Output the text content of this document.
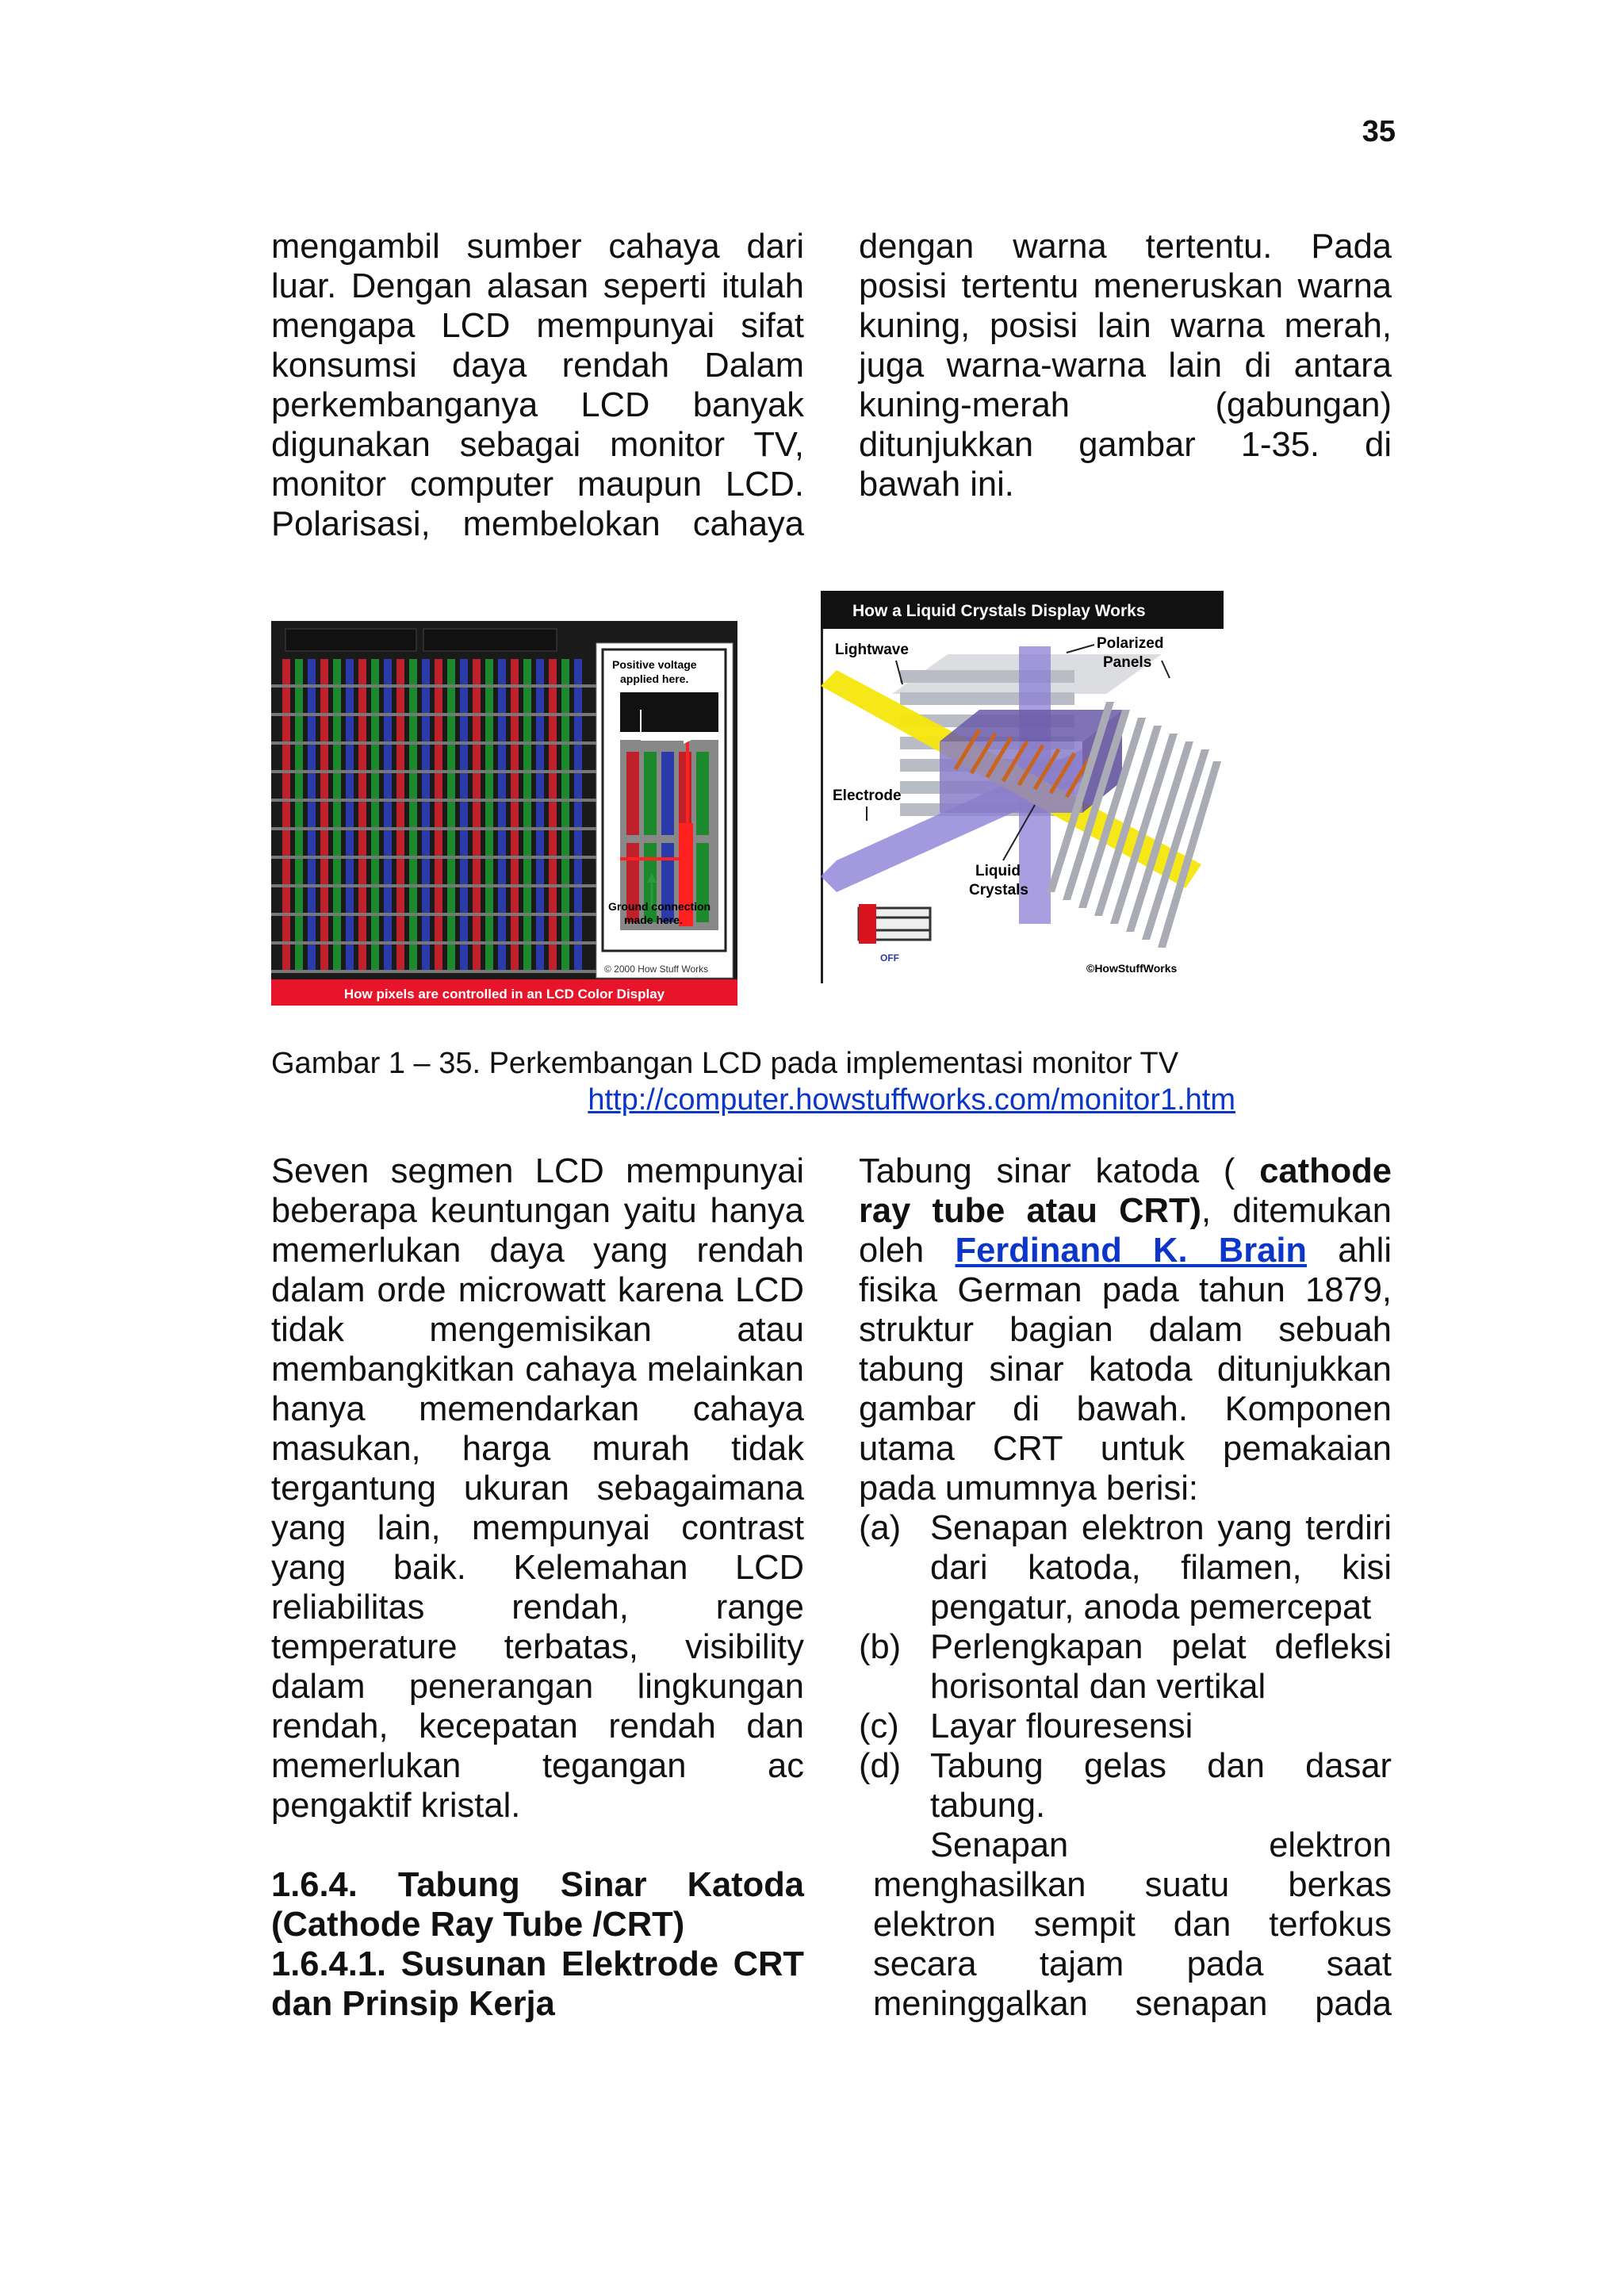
35
mengambil sumber cahaya dari
luar. Dengan alasan seperti itulah
mengapa LCD mempunyai sifat
konsumsi daya rendah Dalam
perkembanganya LCD banyak
digunakan sebagai monitor TV,
monitor computer maupun LCD.
Polarisasi, membelokan cahaya
dengan warna tertentu. Pada
posisi tertentu meneruskan warna
kuning, posisi lain warna merah,
juga warna-warna lain di antara
kuning-merah (gabungan)
ditunjukkan gambar 1-35. di
bawah ini.
Positive voltage
applied here.
Ground connection
made here.
© 2000 How Stuff Works
How pixels are controlled in an LCD Color Display
How a Liquid Crystals Display Works
Lightwave	Polarized
Panels
Electrode
Liquid
Crystals
OFF
©HowStuffWorks
Gambar 1 – 35. Perkembangan LCD pada implementasi monitor TV
http://computer.howstuffworks.com/monitor1.htm
Seven segmen LCD mempunyai
beberapa keuntungan yaitu hanya
memerlukan daya yang rendah
dalam orde microwatt karena LCD
tidak mengemisikan atau
membangkitkan cahaya melainkan
hanya memendarkan cahaya
masukan, harga murah tidak
tergantung ukuran sebagaimana
yang lain, mempunyai contrast
yang baik. Kelemahan LCD
reliabilitas rendah, range
temperature terbatas, visibility
dalam penerangan lingkungan
rendah, kecepatan rendah dan
memerlukan tegangan ac
pengaktif kristal.
1.6.4. Tabung Sinar Katoda
(Cathode Ray Tube /CRT)
1.6.4.1. Susunan Elektrode CRT
dan Prinsip Kerja
Tabung sinar katoda ( cathode
ray tube atau CRT), ditemukan
oleh Ferdinand K. Brain ahli
fisika German pada tahun 1879,
struktur bagian dalam sebuah
tabung sinar katoda ditunjukkan
gambar di bawah. Komponen
utama CRT untuk pemakaian
pada umumnya berisi:
(a) Senapan elektron yang terdiri
dari katoda, filamen, kisi
pengatur, anoda pemercepat
(b) Perlengkapan pelat defleksi
horisontal dan vertikal
(c) Layar flouresensi
(d) Tabung gelas dan dasar
tabung.
Senapan elektron
menghasilkan suatu berkas
elektron sempit dan terfokus
secara tajam pada saat
meninggalkan senapan pada
